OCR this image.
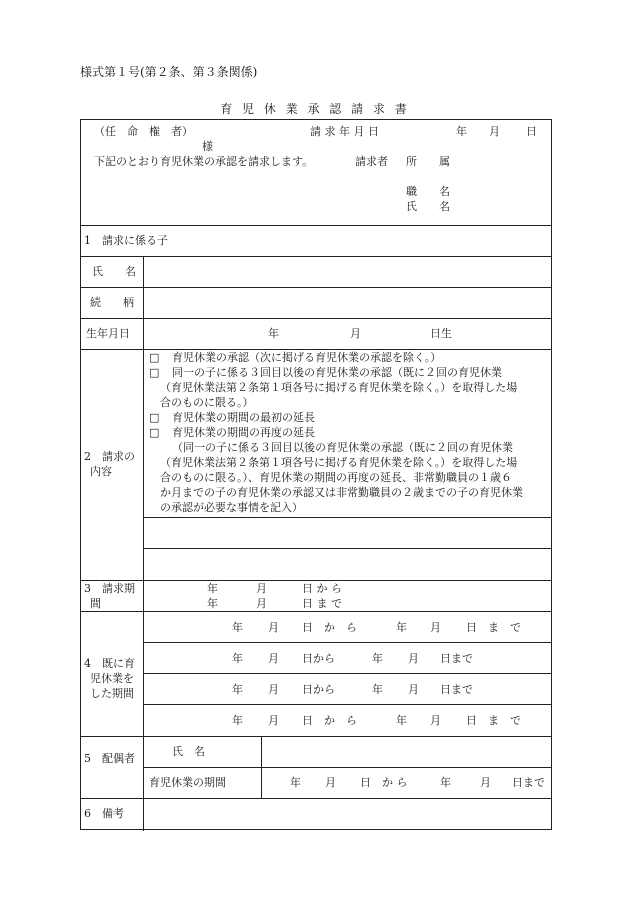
様式第１号(第２条、第３条関係)
育 児 休 業 承 認 請 求 書
（任　命　権　者）	請 求 年 月 日	年 月 日
様
下記のとおり育児休業の承認を請求します。	請求者 所　　属
職　　名
氏　　名
1　請求に係る子
氏　　名
続　　柄
生年月日	年	月	日生
2　請求の
内容
□ 育児休業の承認（次に掲げる育児休業の承認を除く。）
□ 同一の子に係る３回目以後の育児休業の承認（既に２回の育児休業
（育児休業法第２条第１項各号に掲げる育児休業を除く。）を取得した場
合のものに限る。）
□ 育児休業の期間の最初の延長
□ 育児休業の期間の再度の延長
（同一の子に係る３回目以後の育児休業の承認（既に２回の育児休業
（育児休業法第２条第１項各号に掲げる育児休業を除く。）を取得した場
合のものに限る。）、育児休業の期間の再度の延長、非常勤職員の１歳６
か月までの子の育児休業の承認又は非常勤職員の２歳までの子の育児休業
の承認が必要な事情を記入）
3　請求期
間
年	月	日 か ら
年	月	日 ま で
4　既に育
児休業を
した期間
年 月 日　か　ら	年 月 日　ま　で
年 月 日から	年 月 日まで
年 月 日から	年 月 日まで
年 月 日　か　ら	年 月 日　ま　で
5　配偶者
氏　名
育児休業の期間	年 月 日　か ら	年	月 日まで
6　備考
